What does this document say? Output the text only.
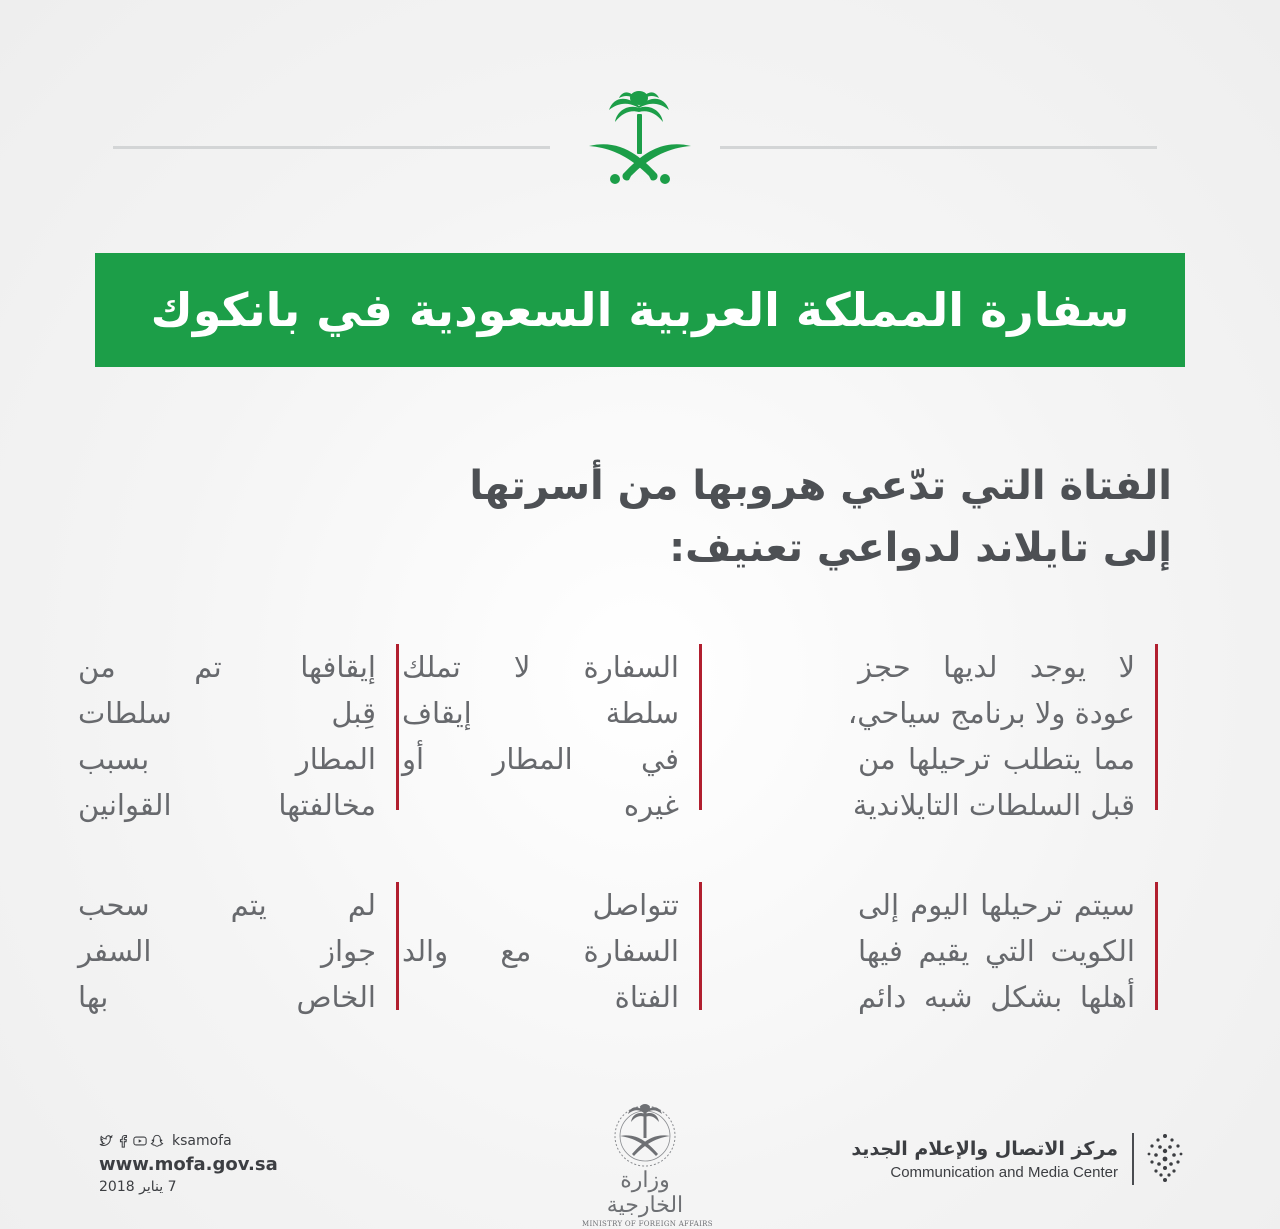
سفارة المملكة العربية السعودية في بانكوك
الفتاة التي تدّعي هروبها من أسرتها
إلى تايلاند لدواعي تعنيف:
لا يوجد لديها حجز
عودة ولا برنامج سياحي،
مما يتطلب ترحيلها من
قبل السلطات التايلاندية
السفارة لا تملك
سلطة إيقاف
في المطار أو
غيره
إيقافها تم من
قِبل سلطات
المطار بسبب
مخالفتها القوانين
سيتم ترحيلها اليوم إلى
الكويت التي يقيم فيها
أهلها بشكل شبه دائم
تتواصل
السفارة مع والد
الفتاة
لم يتم سحب
جواز السفر
الخاص بها
ksamofa
www.mofa.gov.sa
7 يناير 2018	وزارة الخارجية
MINISTRY OF FOREIGN AFFAIRS
مركز الاتصال والإعلام الجديد
Communication and Media Center
